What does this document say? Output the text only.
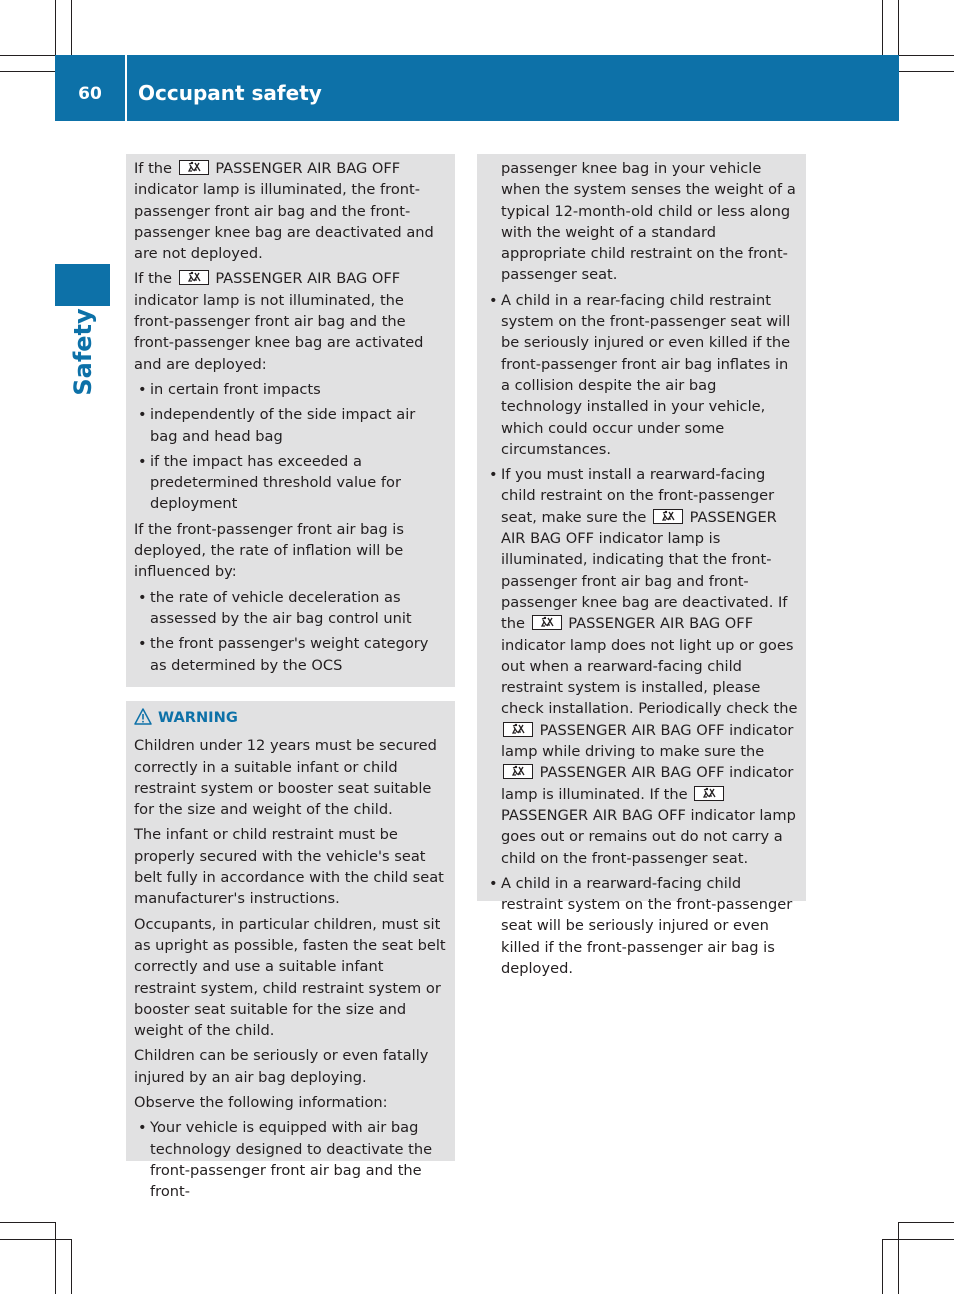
60	Occupant safety
Safety

If the	PASSENGER AIR BAG OFF indicator lamp is illuminated, the front-passenger front air bag and the front-passenger knee bag are deactivated and are not deployed.

If the	PASSENGER AIR BAG OFF indicator lamp is not illuminated, the front-passenger front air bag and the front-passenger knee bag are activated and are deployed:

• in certain front impacts
• independently of the side impact air bag and head bag
• if the impact has exceeded a predetermined threshold value for deployment

If the front-passenger front air bag is deployed, the rate of inflation will be influenced by:

• the rate of vehicle deceleration as assessed by the air bag control unit
• the front passenger's weight category as determined by the OCS
WARNING

Children under 12 years must be secured correctly in a suitable infant or child restraint system or booster seat suitable for the size and weight of the child.

The infant or child restraint must be properly secured with the vehicle's seat belt fully in accordance with the child seat manufacturer's instructions.

Occupants, in particular children, must sit as upright as possible, fasten the seat belt correctly and use a suitable infant restraint system, child restraint system or booster seat suitable for the size and weight of the child.

Children can be seriously or even fatally injured by an air bag deploying.

Observe the following information:

• Your vehicle is equipped with air bag technology designed to deactivate the front-passenger front air bag and the front-

passenger knee bag in your vehicle when the system senses the weight of a typical 12-month-old child or less along with the weight of a standard appropriate child restraint on the front-passenger seat.

• A child in a rear-facing child restraint system on the front-passenger seat will be seriously injured or even killed if the front-passenger front air bag inflates in a collision despite the air bag technology installed in your vehicle, which could occur under some circumstances.
• If you must install a rearward-facing child restraint on the front-passenger seat, make sure the	PASSENGER AIR BAG OFF indicator lamp is illuminated, indicating that the front-passenger front air bag and front-passenger knee bag are deactivated. If the	PASSENGER AIR BAG OFF indicator lamp does not light up or goes out when a rearward-facing child restraint system is installed, please check installation. Periodically check the
PASSENGER AIR BAG OFF indicator lamp while driving to make sure the
PASSENGER AIR BAG OFF indicator lamp is illuminated. If the
PASSENGER AIR BAG OFF indicator lamp goes out or remains out do not carry a child on the front-passenger seat.
• A child in a rearward-facing child restraint system on the front-passenger seat will be seriously injured or even killed if the front-passenger air bag is deployed.
